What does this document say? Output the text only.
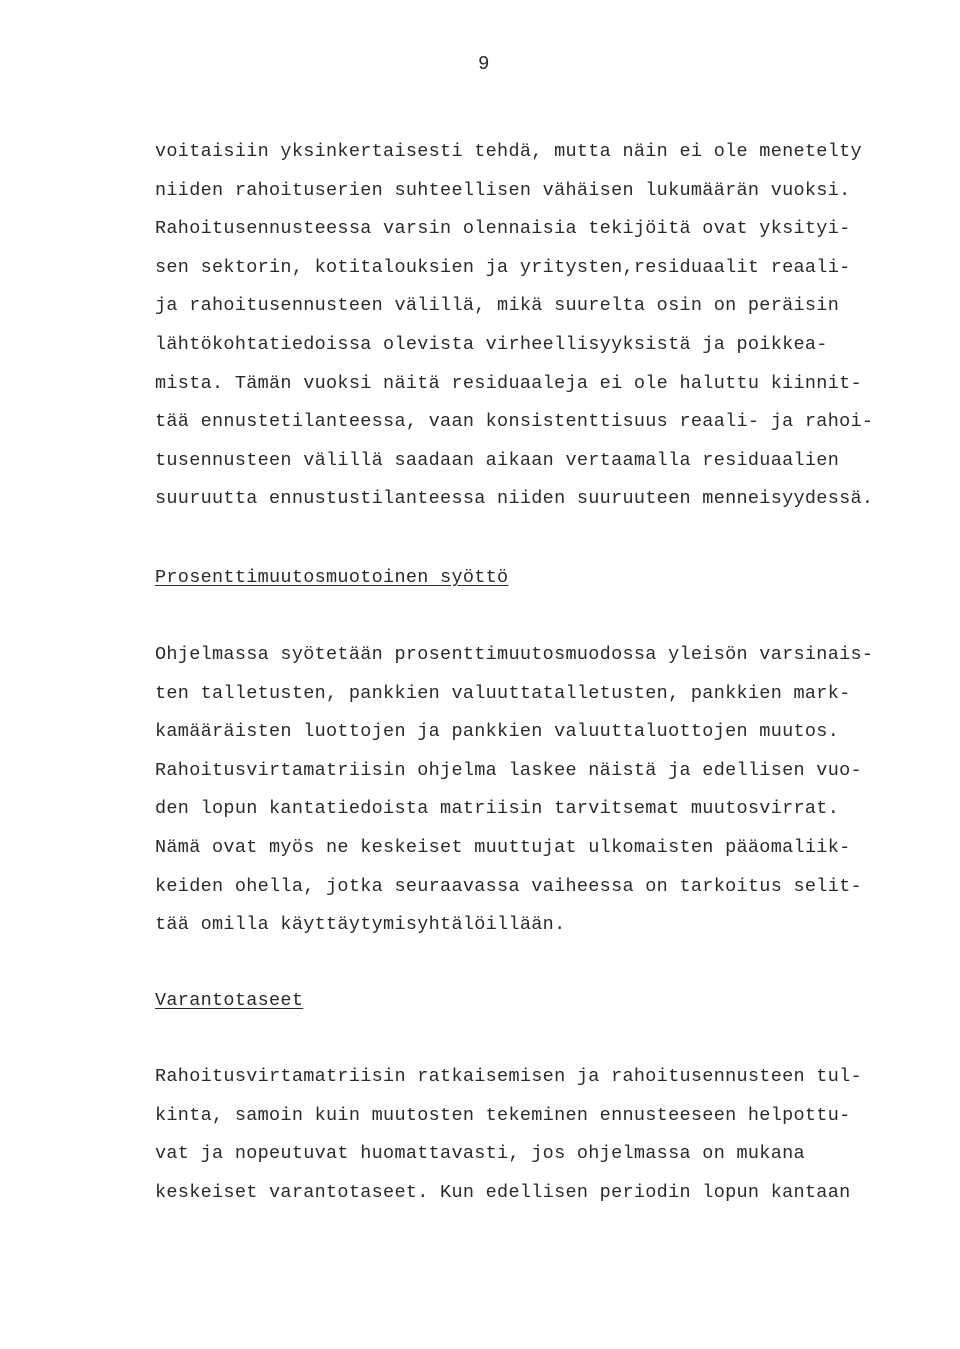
9
voitaisiin yksinkertaisesti tehdä, mutta näin ei ole menetelty
niiden rahoituserien suhteellisen vähäisen lukumäärän vuoksi.
Rahoitusennusteessa varsin olennaisia tekijöitä ovat yksityi-
sen sektorin, kotitalouksien ja yritysten,residuaalit reaali-
ja rahoitusennusteen välillä, mikä suurelta osin on peräisin
lähtökohtatiedoissa olevista virheellisyyksistä ja poikkea-
mista. Tämän vuoksi näitä residuaaleja ei ole haluttu kiinnit-
tää ennustetilanteessa, vaan konsistenttisuus reaali- ja rahoi-
tusennusteen välillä saadaan aikaan vertaamalla residuaalien
suuruutta ennustustilanteessa niiden suuruuteen menneisyydessä.
Prosenttimuutosmuotoinen syöttö
Ohjelmassa syötetään prosenttimuutosmuodossa yleisön varsinais-
ten talletusten, pankkien valuuttatalletusten, pankkien mark-
kamääräisten luottojen ja pankkien valuuttaluottojen muutos.
Rahoitusvirtamatriisin ohjelma laskee näistä ja edellisen vuo-
den lopun kantatiedoista matriisin tarvitsemat muutosvirrat.
Nämä ovat myös ne keskeiset muuttujat ulkomaisten pääomaliik-
keiden ohella, jotka seuraavassa vaiheessa on tarkoitus selit-
tää omilla käyttäytymisyhtälöillään.
Varantotaseet
Rahoitusvirtamatriisin ratkaisemisen ja rahoitusennusteen tul-
kinta, samoin kuin muutosten tekeminen ennusteeseen helpottu-
vat ja nopeutuvat huomattavasti, jos ohjelmassa on mukana
keskeiset varantotaseet. Kun edellisen periodin lopun kantaan
